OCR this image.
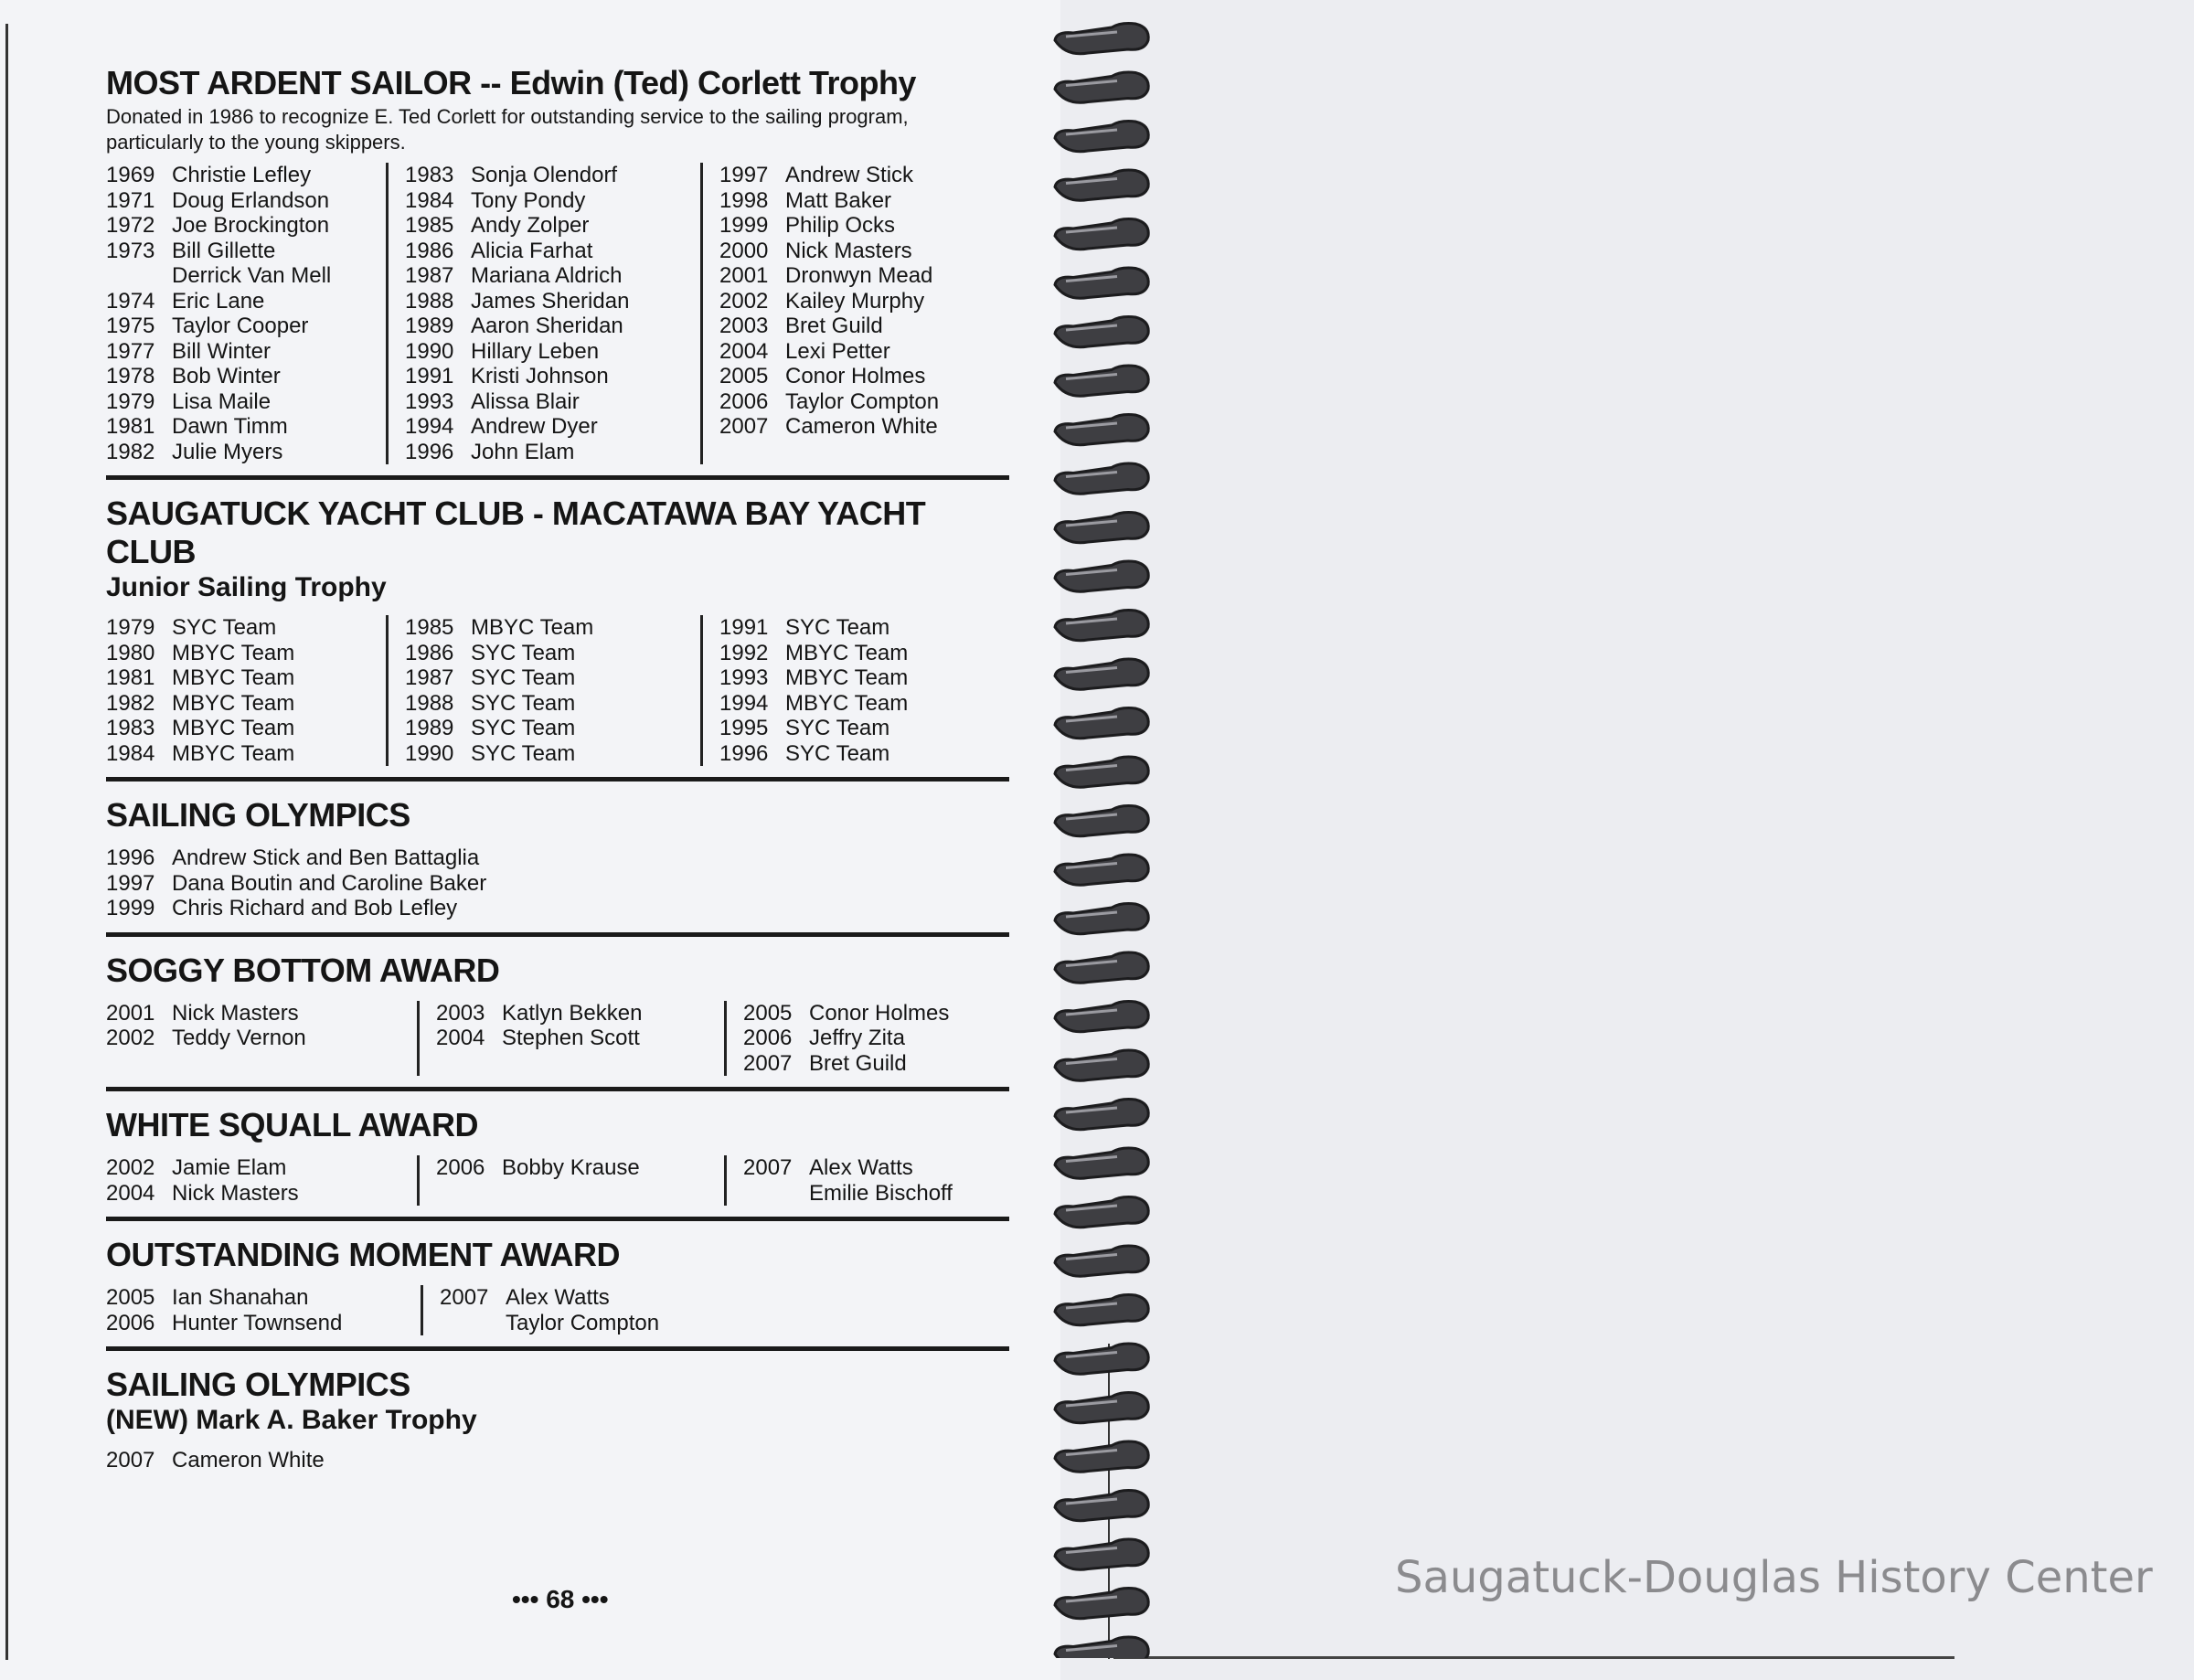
MOST ARDENT SAILOR -- Edwin (Ted) Corlett Trophy

Donated in 1986 to recognize E. Ted Corlett for outstanding service to the sailing program, particularly to the young skippers.

1969 Christie Lefley
1971 Doug Erlandson
1972 Joe Brockington
1973 Bill Gillette
Derrick Van Mell
1974 Eric Lane
1975 Taylor Cooper
1977 Bill Winter
1978 Bob Winter
1979 Lisa Maile
1981 Dawn Timm
1982 Julie Myers
1983 Sonja Olendorf
1984 Tony Pondy
1985 Andy Zolper
1986 Alicia Farhat
1987 Mariana Aldrich
1988 James Sheridan
1989 Aaron Sheridan
1990 Hillary Leben
1991 Kristi Johnson
1993 Alissa Blair
1994 Andrew Dyer
1996 John Elam
1997 Andrew Stick
1998 Matt Baker
1999 Philip Ocks
2000 Nick Masters
2001 Dronwyn Mead
2002 Kailey Murphy
2003 Bret Guild
2004 Lexi Petter
2005 Conor Holmes
2006 Taylor Compton
2007 Cameron White
SAUGATUCK YACHT CLUB - MACATAWA BAY YACHT CLUB

Junior Sailing Trophy

1979 SYC Team
1980 MBYC Team
1981 MBYC Team
1982 MBYC Team
1983 MBYC Team
1984 MBYC Team
1985 MBYC Team
1986 SYC Team
1987 SYC Team
1988 SYC Team
1989 SYC Team
1990 SYC Team
1991 SYC Team
1992 MBYC Team
1993 MBYC Team
1994 MBYC Team
1995 SYC Team
1996 SYC Team
SAILING OLYMPICS
1996 Andrew Stick and Ben Battaglia
1997 Dana Boutin and Caroline Baker
1999 Chris Richard and Bob Lefley
SOGGY BOTTOM AWARD
2001 Nick Masters
2002 Teddy Vernon
2003 Katlyn Bekken
2004 Stephen Scott
2005 Conor Holmes
2006 Jeffry Zita
2007 Bret Guild
WHITE SQUALL AWARD
2002 Jamie Elam
2004 Nick Masters
2006 Bobby Krause	2007 Alex Watts
Emilie Bischoff
OUTSTANDING MOMENT AWARD
2005 Ian Shanahan
2006 Hunter Townsend
2007 Alex Watts
Taylor Compton
SAILING OLYMPICS

(NEW) Mark A. Baker Trophy

2007 Cameron White
••• 68 •••	Saugatuck-Douglas History Center
